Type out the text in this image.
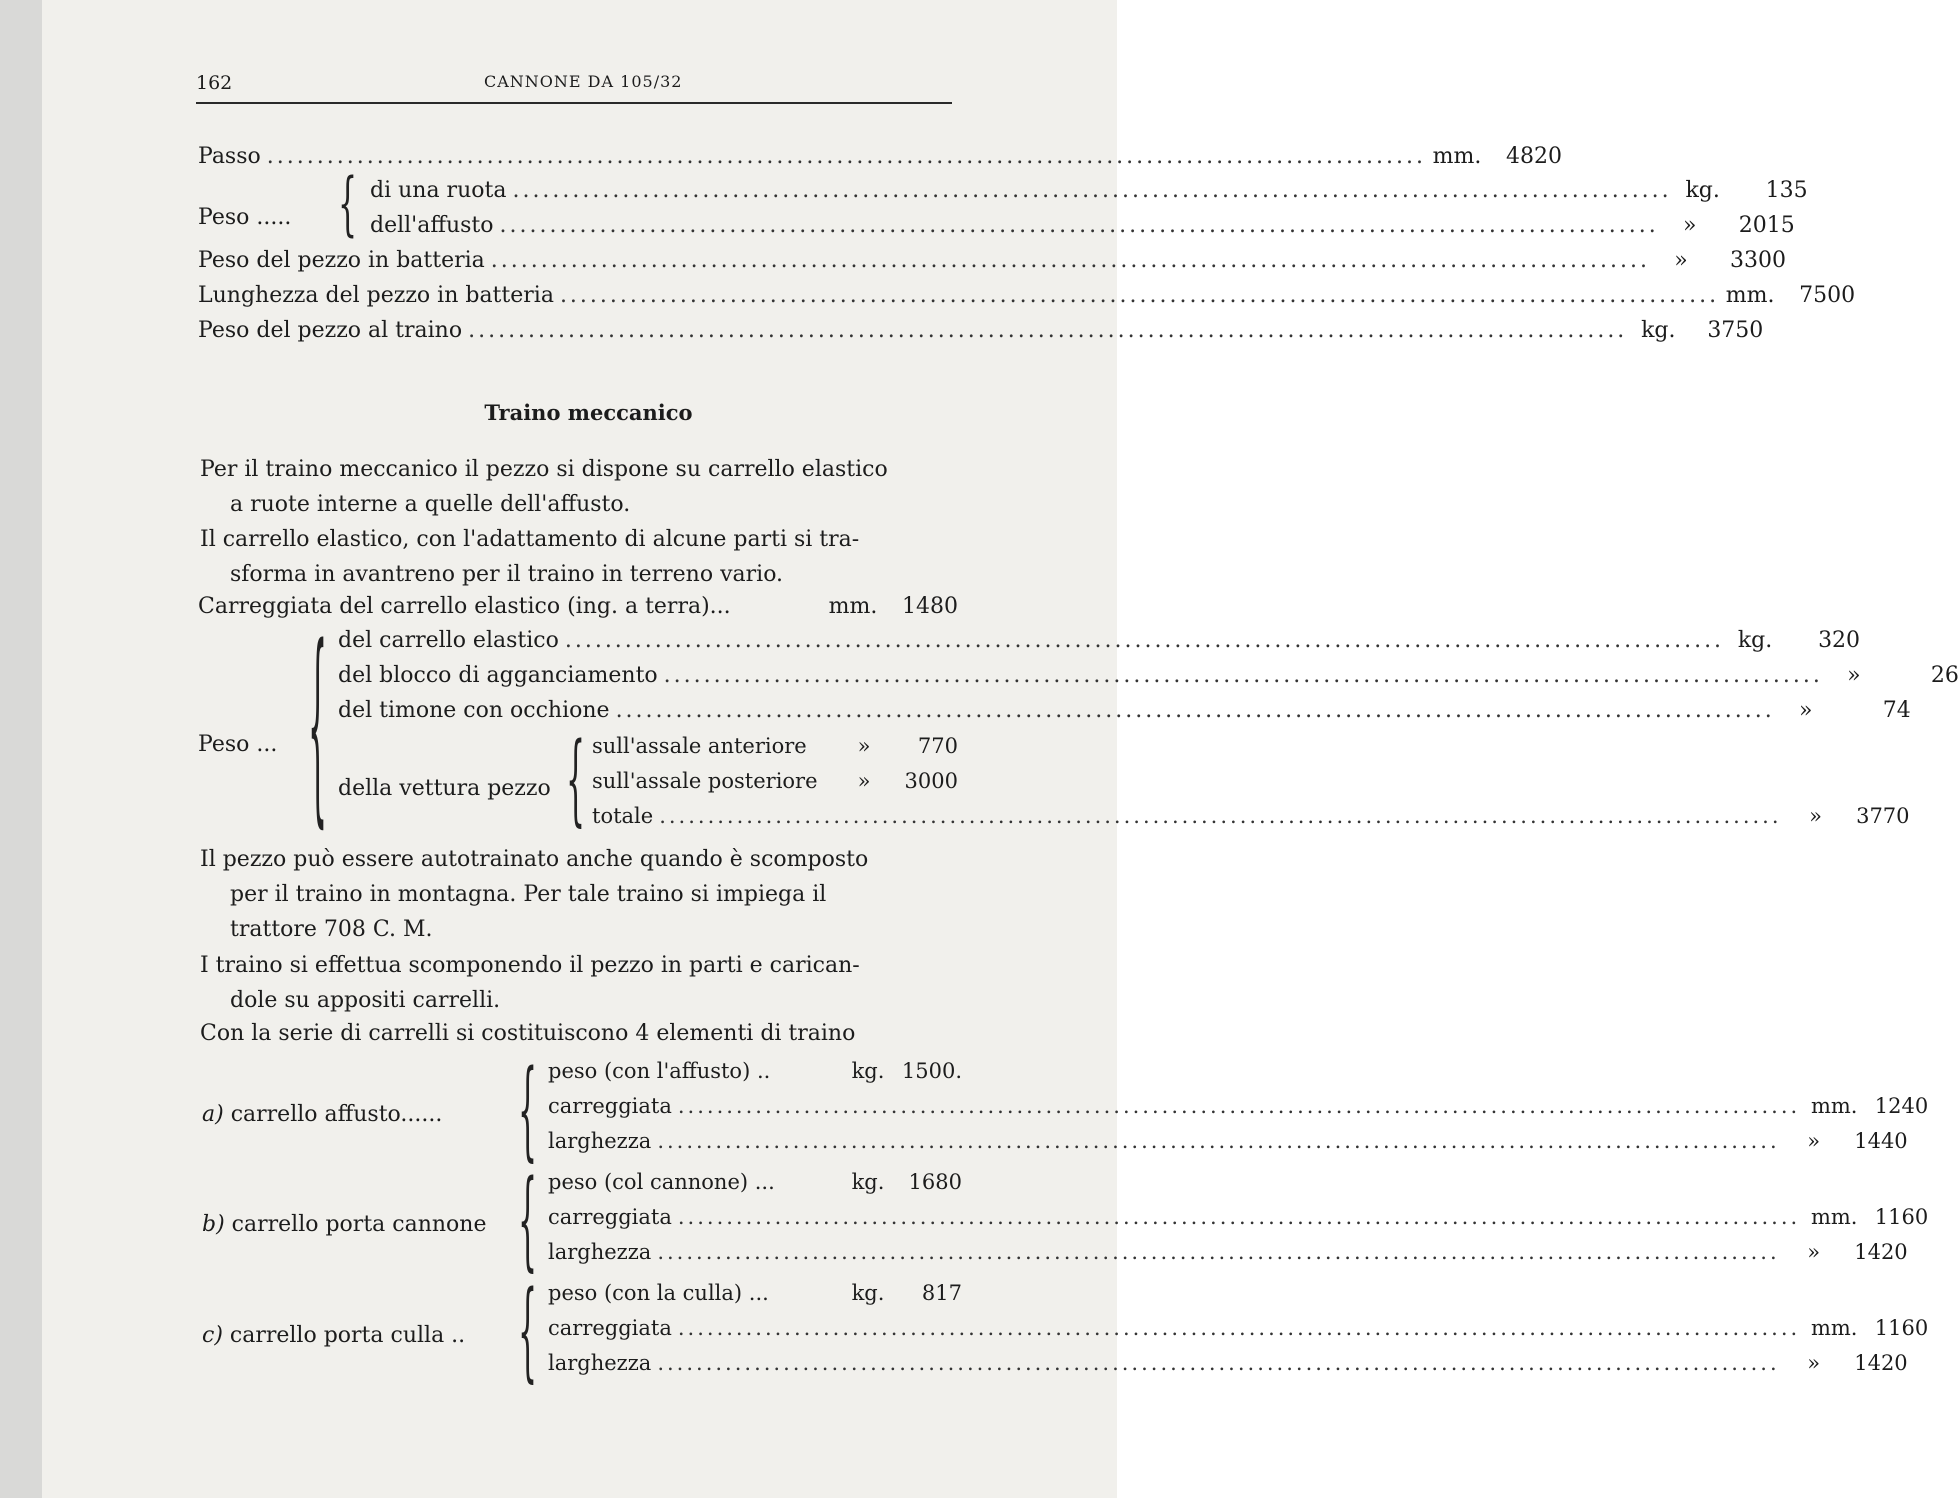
162	CANNONE DA 105/32
Passo .................................................................................................................... mm.	4820
Peso ..... { di una ruota .................................................................................................................... kg.	135
dell'affusto ....................................................................................................................	»	2015
Peso del pezzo in batteria ....................................................................................................................	»	3300
Lunghezza del pezzo in batteria .................................................................................................................... mm.	7500
Peso del pezzo al traino .................................................................................................................... kg.	3750
Traino meccanico
Per il traino meccanico il pezzo si dispone su carrello elastico
a ruote interne a quelle dell'affusto.
Il carrello elastico, con l'adattamento di alcune parti si tra-
sforma in avantreno per il traino in terreno vario.
Carreggiata del carrello elastico (ing. a terra)...	mm.	1480
Peso ... { del carrello elastico .................................................................................................................... kg.	320
del blocco di agganciamento ....................................................................................................................	»	26
del timone con occhione ....................................................................................................................	»	74
della vettura pezzo { sull'assale anteriore	»	770
sull'assale posteriore	»	3000
totale ....................................................................................................................	»	3770
Il pezzo può essere autotrainato anche quando è scomposto
per il traino in montagna. Per tale traino si impiega il
trattore 708 C. M.
I traino si effettua scomponendo il pezzo in parti e carican-
dole su appositi carrelli.
Con la serie di carrelli si costituiscono 4 elementi di traino
a) carrello affusto......	{ peso (con l'affusto) ..	kg. 1500.
carreggiata .................................................................................................................... mm. 1240
larghezza ....................................................................................................................	»	1440
b) carrello porta cannone { peso (col cannone) ...	kg.	1680
carreggiata .................................................................................................................... mm. 1160
larghezza ....................................................................................................................	»	1420
c) carrello porta culla .. { peso (con la culla) ...	kg.	817
carreggiata .................................................................................................................... mm. 1160
larghezza ....................................................................................................................	»	1420
